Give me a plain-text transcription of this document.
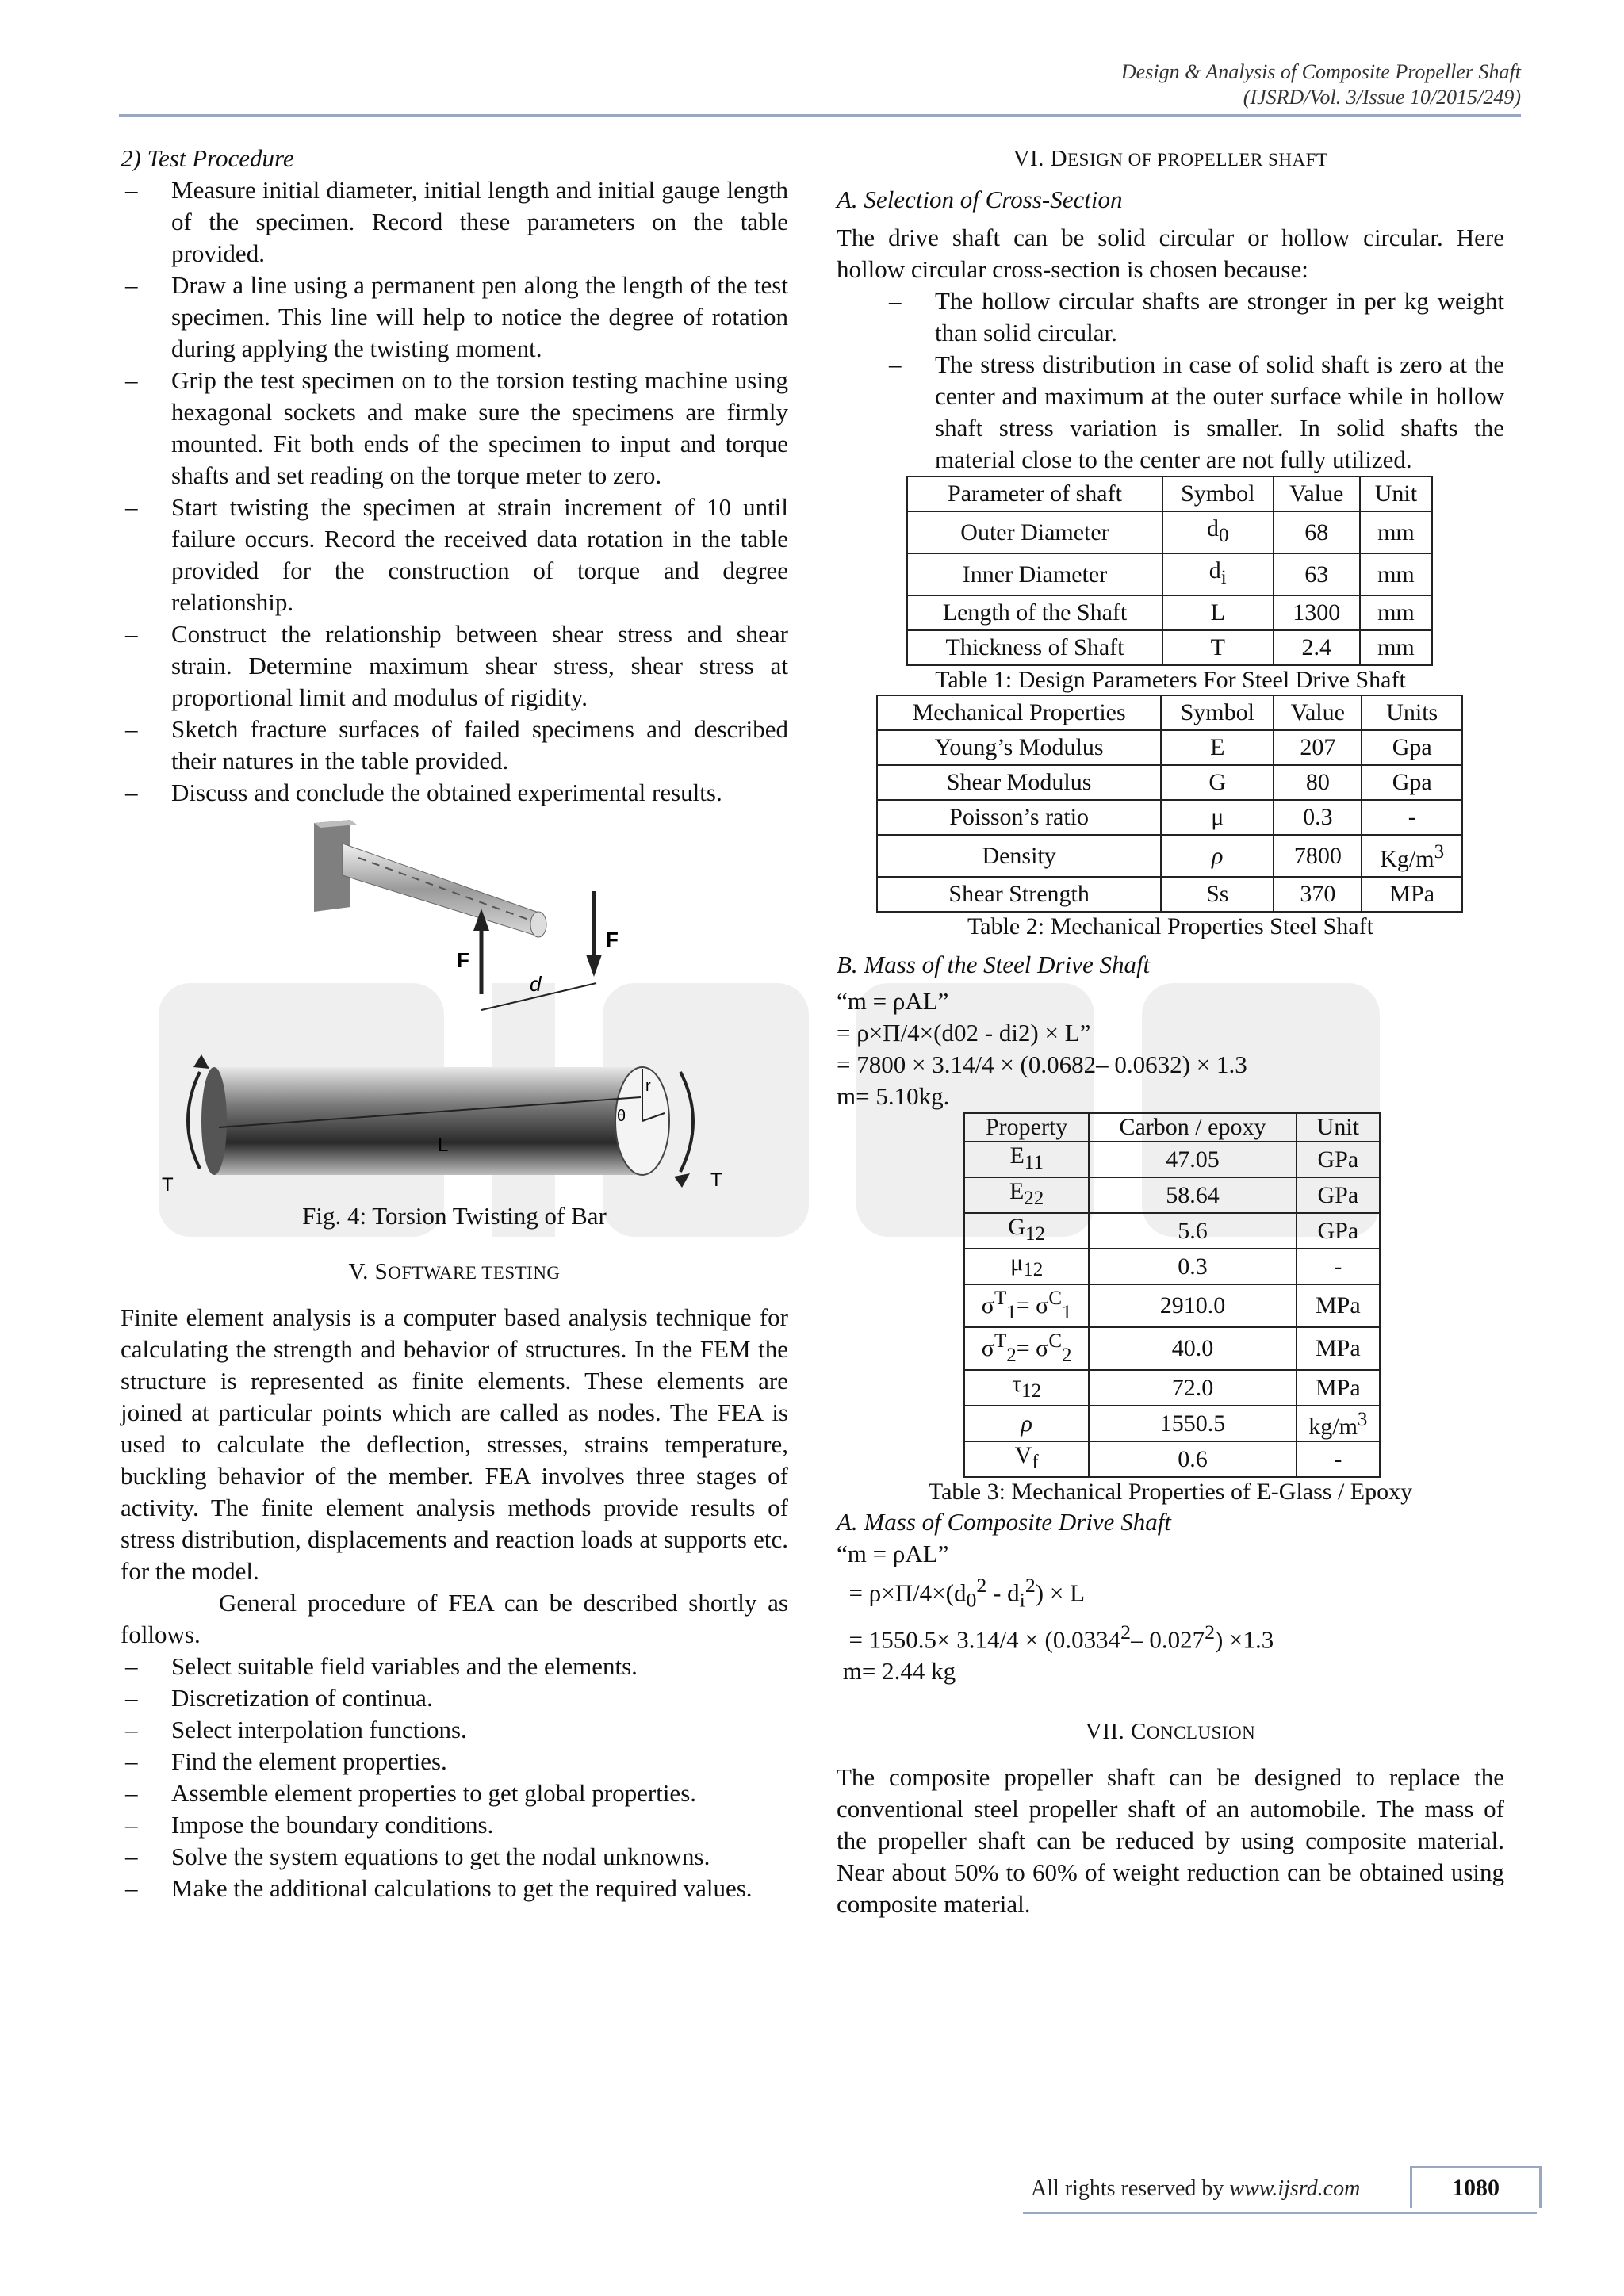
Design & Analysis of Composite Propeller Shaft
(IJSRD/Vol. 3/Issue 10/2015/249)

2) Test Procedure

– Measure initial diameter, initial length and initial gauge length of the specimen. Record these parameters on the table provided.
– Draw a line using a permanent pen along the length of the test specimen. This line will help to notice the degree of rotation during applying the twisting moment.
– Grip the test specimen on to the torsion testing machine using hexagonal sockets and make sure the specimens are firmly mounted. Fit both ends of the specimen to input and torque shafts and set reading on the torque meter to zero.
– Start twisting the specimen at strain increment of 10 until failure occurs. Record the received data rotation in the table provided for the construction of torque and degree relationship.
– Construct the relationship between shear stress and shear strain. Determine maximum shear stress, shear stress at proportional limit and modulus of rigidity.
– Sketch fracture surfaces of failed specimens and described their natures in the table provided.
– Discuss and conclude the obtained experimental results.
F
F
d
r
θ
L
T	T
Fig. 4: Torsion Twisting of Bar

V. SOFTWARE TESTING

Finite element analysis is a computer based analysis technique for calculating the strength and behavior of structures. In the FEM the structure is represented as finite elements. These elements are joined at particular points which are called as nodes. The FEA is used to calculate the deflection, stresses, strains temperature, buckling behavior of the member. FEA involves three stages of activity. The finite element analysis methods provide results of stress distribution, displacements and reaction loads at supports etc. for the model.

General procedure of FEA can be described shortly as follows.

– Select suitable field variables and the elements.
– Discretization of continua.
– Select interpolation functions.
– Find the element properties.
– Assemble element properties to get global properties.
– Impose the boundary conditions.
– Solve the system equations to get the nodal unknowns.
– Make the additional calculations to get the required values.

VI. DESIGN OF PROPELLER SHAFT

A. Selection of Cross-Section

The drive shaft can be solid circular or hollow circular. Here hollow circular cross-section is chosen because:

– The hollow circular shafts are stronger in per kg weight than solid circular.
– The stress distribution in case of solid shaft is zero at the center and maximum at the outer surface while in hollow shaft stress variation is smaller. In solid shafts the material close to the center are not fully utilized.
Parameter of shaft	Symbol	Value	Unit
Outer Diameter	$d_0$	68	mm
Inner Diameter	$d_i$	63	mm
Length of the Shaft	L	1300	mm
Thickness of Shaft	T	2.4	mm
Table 1: Design Parameters For Steel Drive Shaft
Mechanical Properties	Symbol	Value	Units
Young’s Modulus	E	207	Gpa
Shear Modulus	G	80	Gpa
Poisson’s ratio	μ	0.3	-
Density	ρ	7800	$Kg/m^3$
Shear Strength	Ss	370	MPa
Table 2: Mechanical Properties Steel Shaft

B. Mass of the Steel Drive Shaft

“m = ρAL”

= ρ×Π/4×(d02 - di2) × L”

= 7800 × 3.14/4 × (0.0682– 0.0632) × 1.3

m= 5.10kg.

Property	Carbon / epoxy	Unit
$E_{11}$	47.05	GPa
$E_{22}$	58.64	GPa
$G_{12}$	5.6	GPa
$\mu_{12}$	0.3	-
$\sigma^T_1= \sigma^C_1$	2910.0	MPa
$\sigma^T_2= \sigma^C_2$	40.0	MPa
$\tau_{12}$	72.0	MPa
ρ	1550.5	$kg/m^3$
$V_f$	0.6	-
Table 3: Mechanical Properties of E-Glass / Epoxy

A. Mass of Composite Drive Shaft

“m = ρAL”

= $\rho\times\Pi/4\times(d_0^2 - d_i^2) \times L$

= $1550.5\times 3.14/4 \times (0.0334^2-$ $0.027^2) \times 1.3$

m= 2.44 kg

VII. CONCLUSION

The composite propeller shaft can be designed to replace the conventional steel propeller shaft of an automobile. The mass of the propeller shaft can be reduced by using composite material. Near about 50% to 60% of weight reduction can be obtained using composite material.

All rights reserved by www.ijsrd.com	1080
